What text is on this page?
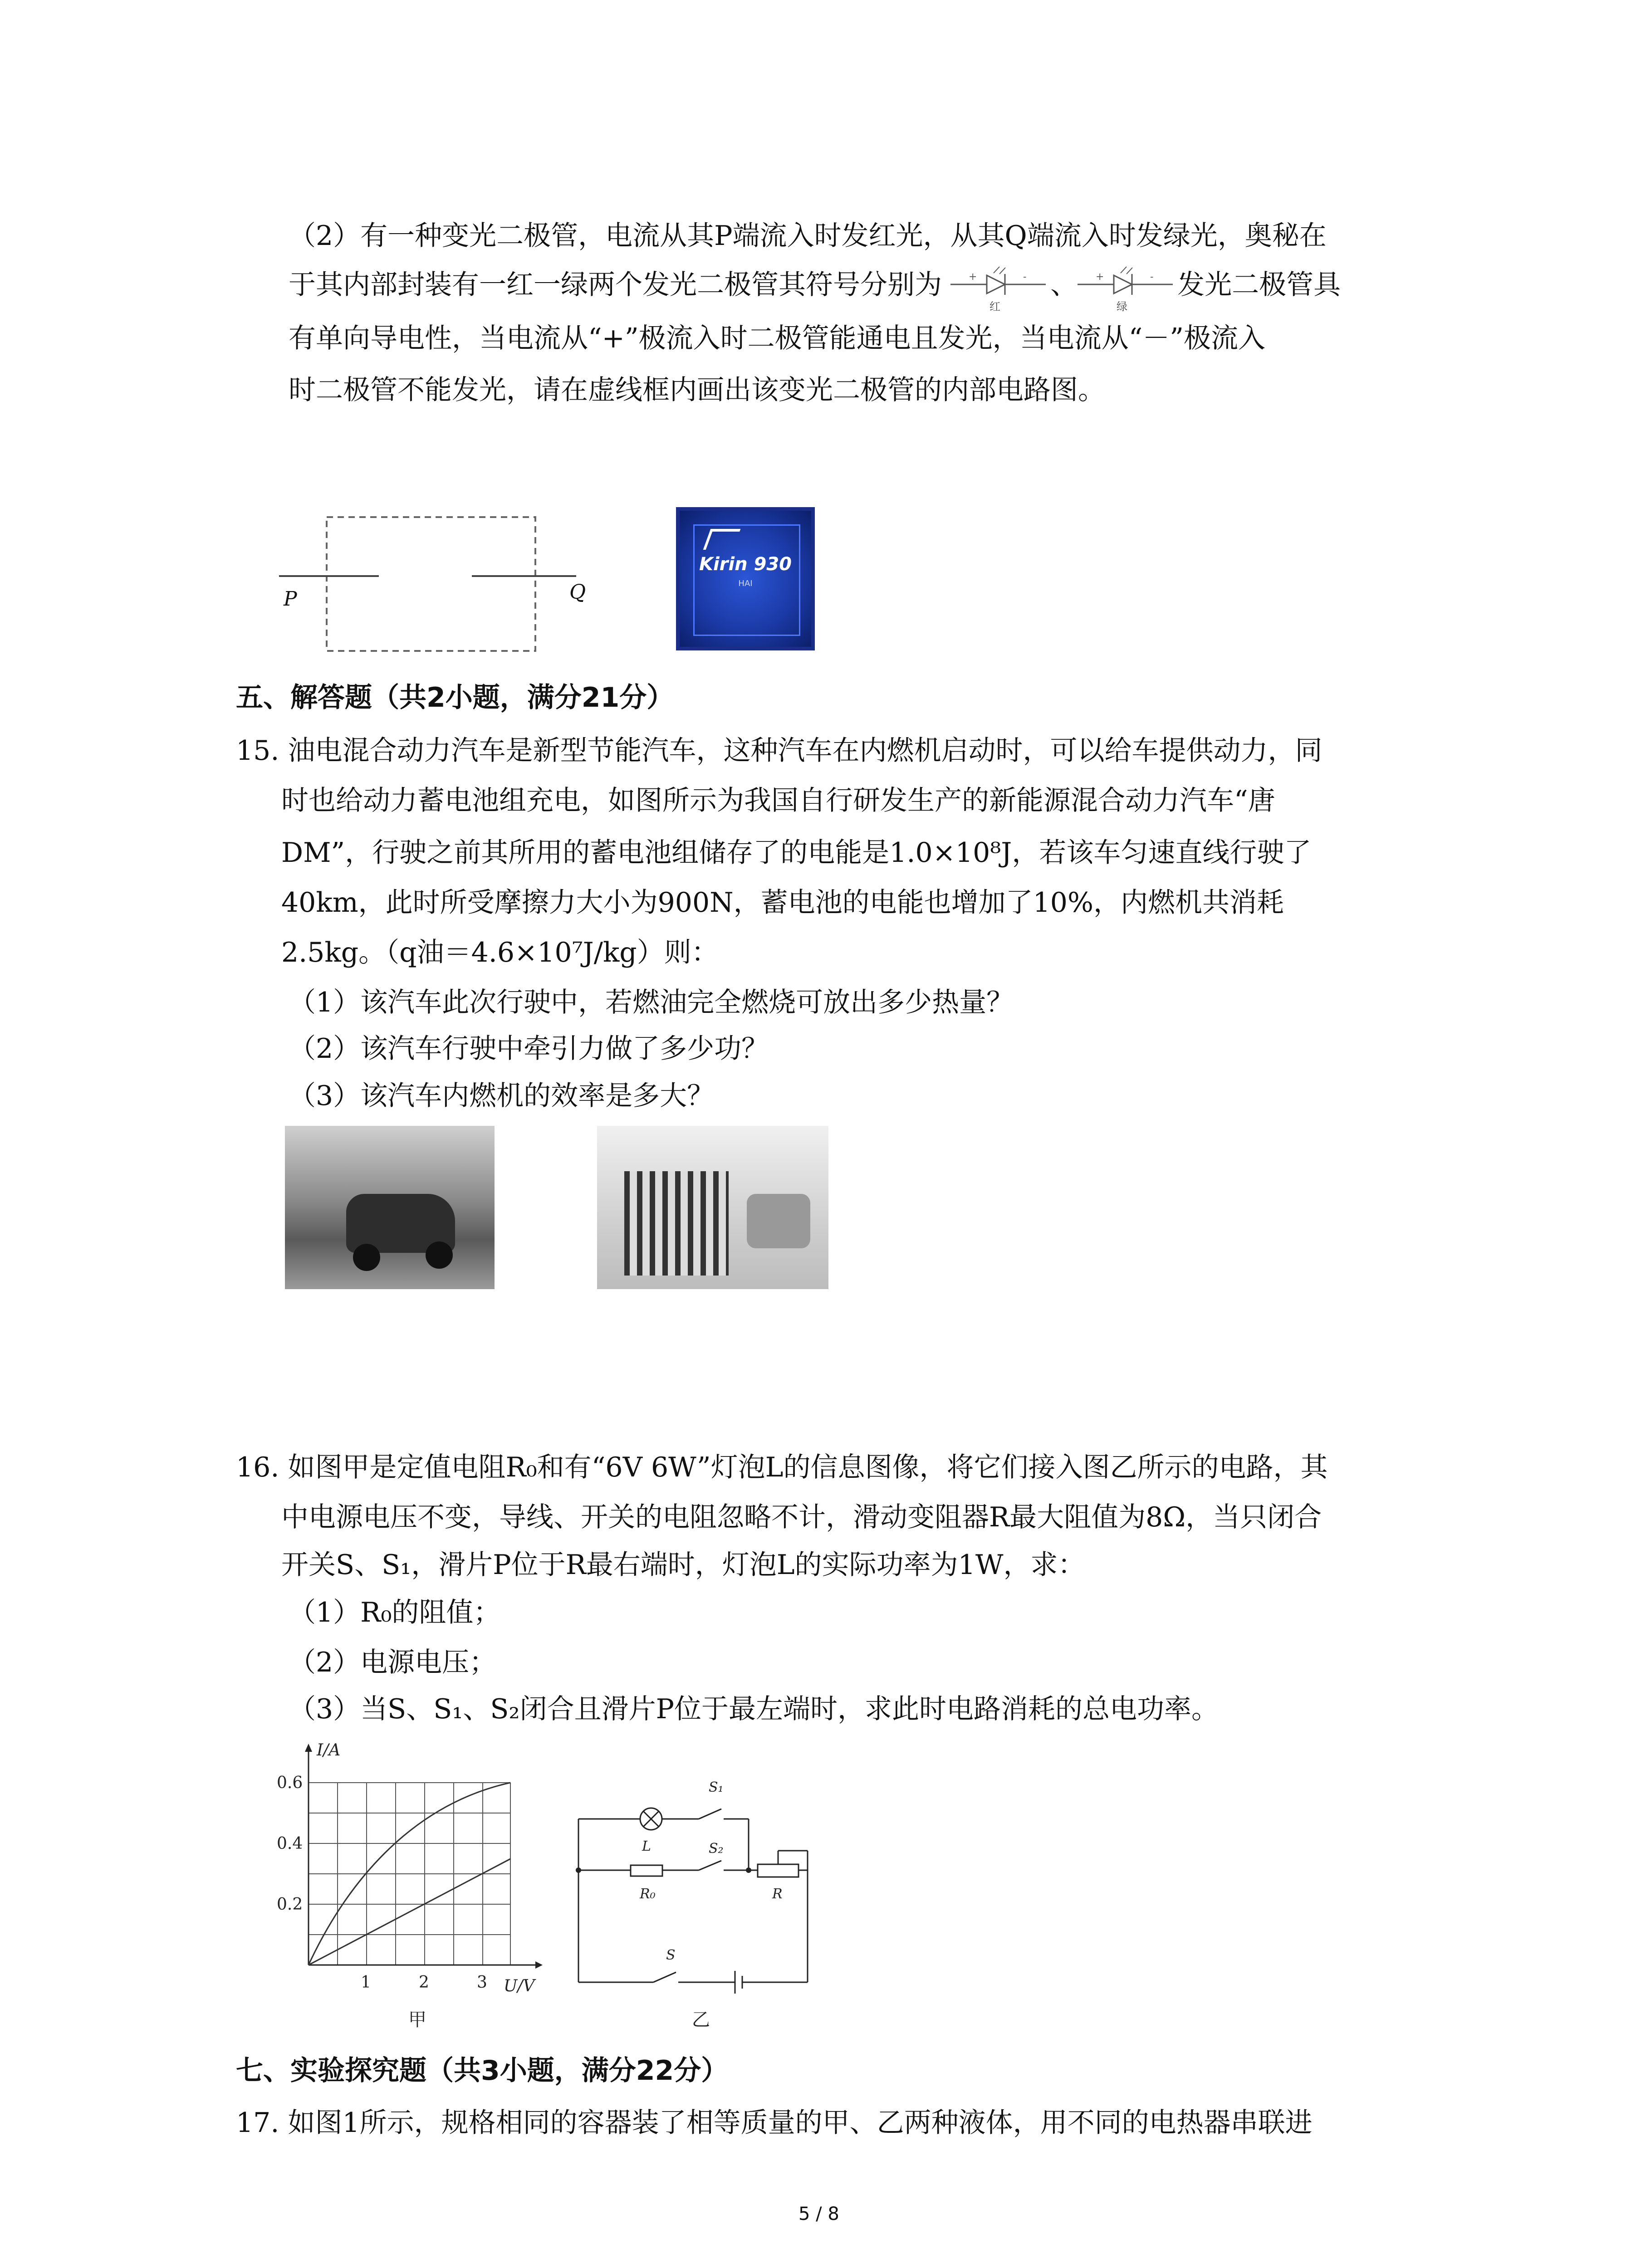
（2）有一种变光二极管，电流从其P端流入时发红光，从其Q端流入时发绿光，奥秘在
于其内部封装有一红一绿两个发光二极管其符号分别为	+	-
红
、 +	-
绿
发光二极管具
有单向导电性，当电流从“+”极流入时二极管能通电且发光，当电流从“－”极流入
时二极管不能发光，请在虚线框内画出该变光二极管的内部电路图。
P	Q
Kirin 930
HAI
五、解答题（共2小题，满分21分）
15. 油电混合动力汽车是新型节能汽车，这种汽车在内燃机启动时，可以给车提供动力，同
时也给动力蓄电池组充电，如图所示为我国自行研发生产的新能源混合动力汽车“唐
DM”，行驶之前其所用的蓄电池组储存了的电能是1.0×10⁸J，若该车匀速直线行驶了
40km，此时所受摩擦力大小为900N，蓄电池的电能也增加了10%，内燃机共消耗
2.5kg。（q油＝4.6×10⁷J/kg）则：
（1）该汽车此次行驶中，若燃油完全燃烧可放出多少热量？
（2）该汽车行驶中牵引力做了多少功？
（3）该汽车内燃机的效率是多大？
16. 如图甲是定值电阻R₀和有“6V 6W”灯泡L的信息图像，将它们接入图乙所示的电路，其
中电源电压不变，导线、开关的电阻忽略不计，滑动变阻器R最大阻值为8Ω，当只闭合
开关S、S₁，滑片P位于R最右端时，灯泡L的实际功率为1W，求：
（1）R₀的阻值；
（2）电源电压；
（3）当S、S₁、S₂闭合且滑片P位于最左端时，求此时电路消耗的总电功率。
I/A
0.6
0.4
0.2
1	2	3 U/V
甲
S₁
L	S₂
R₀	R
S
乙
七、实验探究题（共3小题，满分22分）
17. 如图1所示，规格相同的容器装了相等质量的甲、乙两种液体，用不同的电热器串联进
5 / 8
